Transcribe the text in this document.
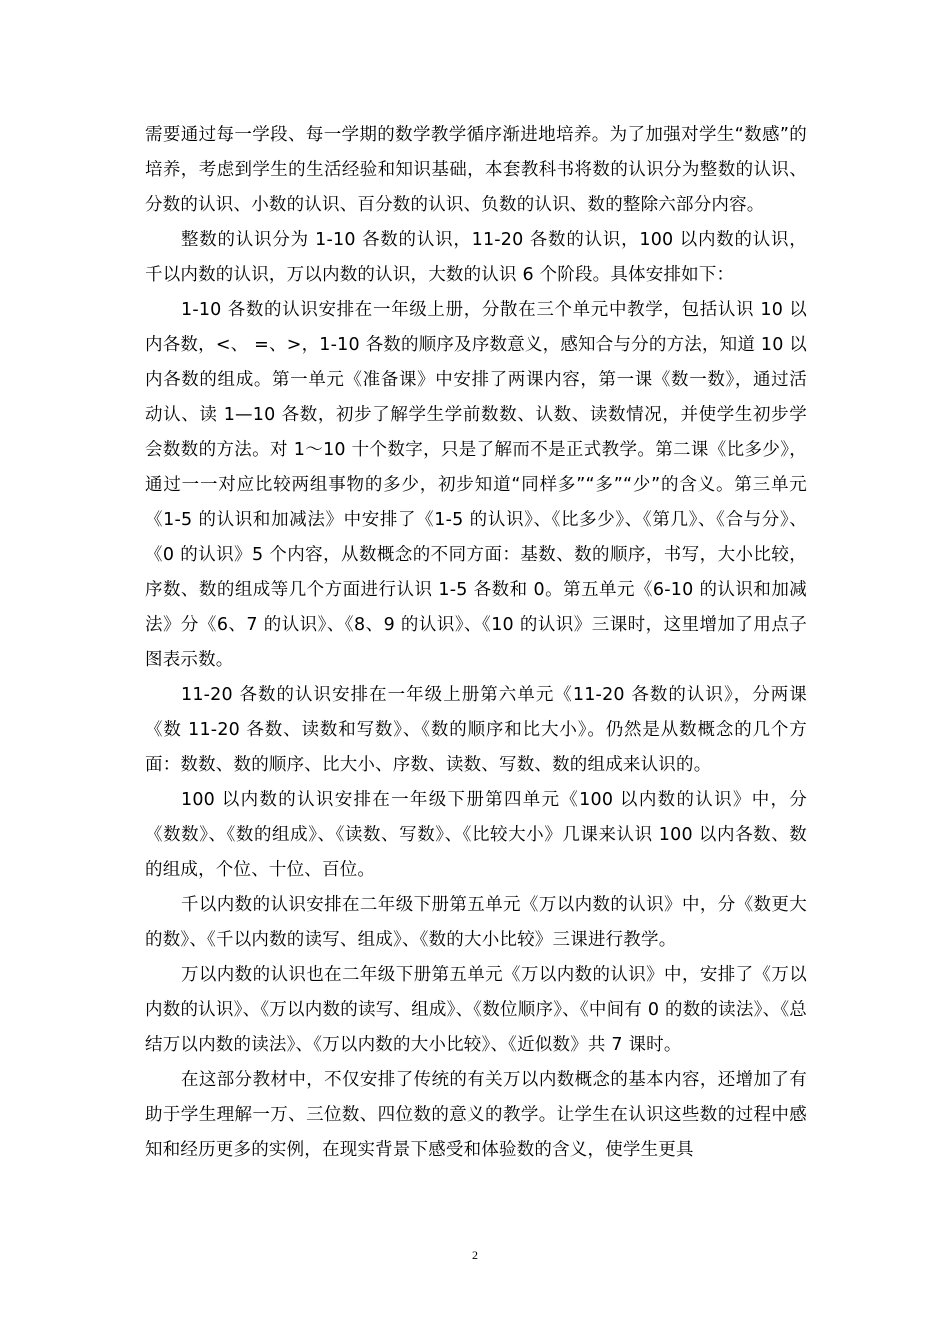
需要通过每一学段、每一学期的数学教学循序渐进地培养。为了加强对学生“数感”的培养，考虑到学生的生活经验和知识基础，本套教科书将数的认识分为整数的认识、分数的认识、小数的认识、百分数的认识、负数的认识、数的整除六部分内容。

整数的认识分为 1-10 各数的认识，11-20 各数的认识，100 以内数的认识，千以内数的认识，万以内数的认识，大数的认识 6 个阶段。具体安排如下：

1-10 各数的认识安排在一年级上册，分散在三个单元中教学，包括认识 10 以内各数，<、 =、>，1-10 各数的顺序及序数意义，感知合与分的方法，知道 10 以内各数的组成。第一单元《准备课》中安排了两课内容，第一课《数一数》，通过活动认、读 1—10 各数，初步了解学生学前数数、认数、读数情况，并使学生初步学会数数的方法。对 1～10 十个数字，只是了解而不是正式教学。第二课《比多少》，通过一一对应比较两组事物的多少，初步知道“同样多”“多”“少”的含义。第三单元《1-5 的认识和加减法》中安排了《1-5 的认识》、《比多少》、《第几》、《合与分》、《0 的认识》5 个内容，从数概念的不同方面：基数、数的顺序，书写，大小比较，序数、数的组成等几个方面进行认识 1-5 各数和 0。第五单元《6-10 的认识和加减法》分《6、7 的认识》、《8、9 的认识》、《10 的认识》三课时，这里增加了用点子图表示数。

11-20 各数的认识安排在一年级上册第六单元《11-20 各数的认识》，分两课《数 11-20 各数、读数和写数》、《数的顺序和比大小》。仍然是从数概念的几个方面：数数、数的顺序、比大小、序数、读数、写数、数的组成来认识的。

100 以内数的认识安排在一年级下册第四单元《100 以内数的认识》中，分《数数》、《数的组成》、《读数、写数》、《比较大小》几课来认识 100 以内各数、数的组成，个位、十位、百位。

千以内数的认识安排在二年级下册第五单元《万以内数的认识》中，分《数更大的数》、《千以内数的读写、组成》、《数的大小比较》三课进行教学。

万以内数的认识也在二年级下册第五单元《万以内数的认识》中，安排了《万以内数的认识》、《万以内数的读写、组成》、《数位顺序》、《中间有 0 的数的读法》、《总结万以内数的读法》、《万以内数的大小比较》、《近似数》共 7 课时。

在这部分教材中，不仅安排了传统的有关万以内数概念的基本内容，还增加了有助于学生理解一万、三位数、四位数的意义的教学。让学生在认识这些数的过程中感知和经历更多的实例，在现实背景下感受和体验数的含义，使学生更具

2
